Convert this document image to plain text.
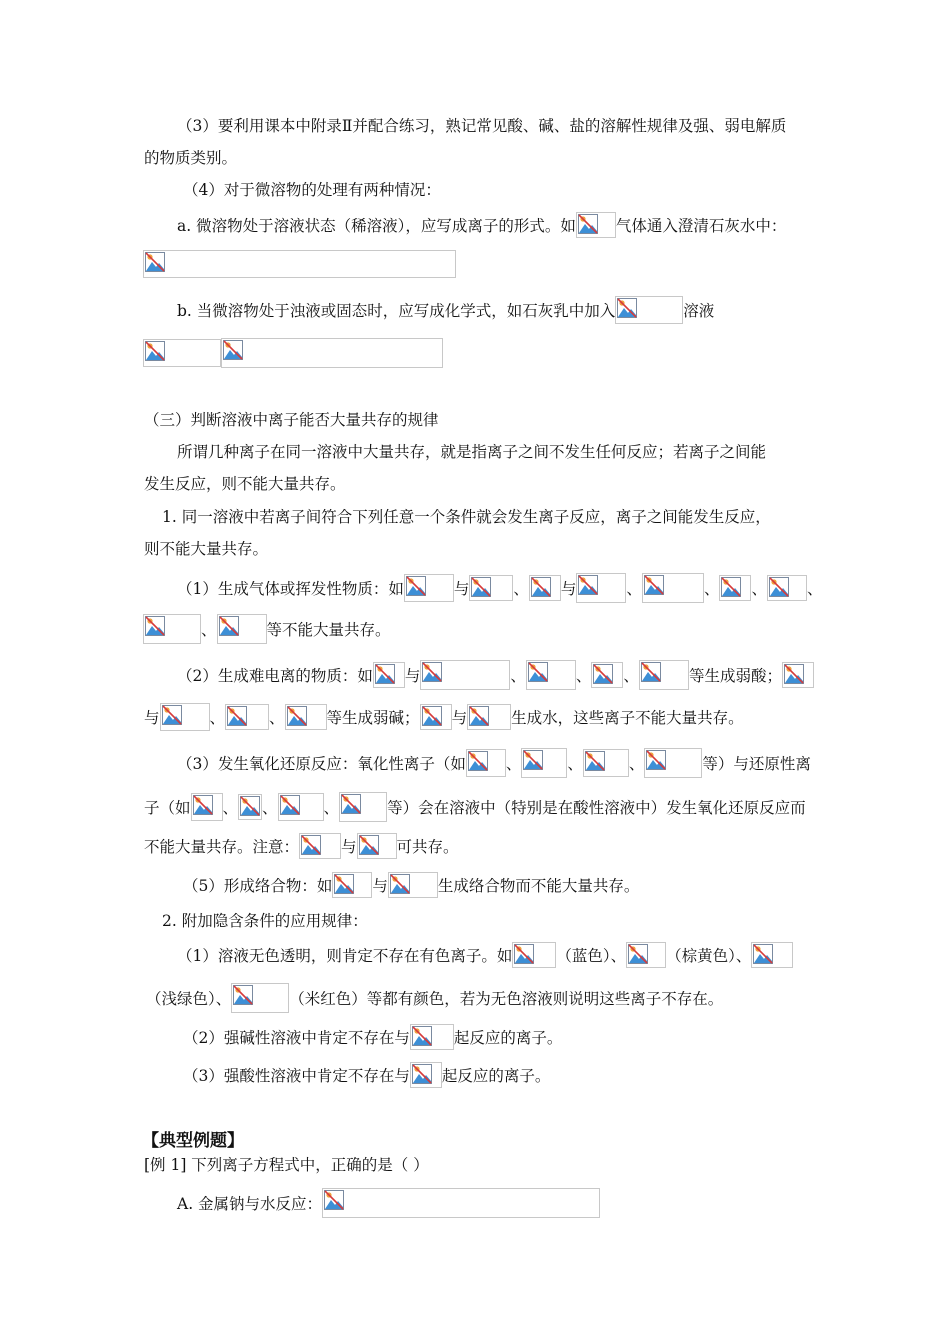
（3）要利用课本中附录Ⅱ并配合练习，熟记常见酸、碱、盐的溶解性规律及强、弱电解质
的物质类别。
（4）对于微溶物的处理有两种情况：
a. 微溶物处于溶液状态（稀溶液），应写成离子的形式。如	气体通入澄清石灰水中：
b. 当微溶物处于浊液或固态时，应写成化学式，如石灰乳中加入	溶液
（三）判断溶液中离子能否大量共存的规律
所谓几种离子在同一溶液中大量共存，就是指离子之间不发生任何反应；若离子之间能
发生反应，则不能大量共存。
1. 同一溶液中若离子间符合下列任意一个条件就会发生离子反应，离子之间能发生反应，
则不能大量共存。
（1）生成气体或挥发性物质：如	与	、 与	、	、 、	、
、	等不能大量共存。
（2）生成难电离的物质：如 与	、	、 、	等生成弱酸；
与	、	、	等生成弱碱； 与	生成水，这些离子不能大量共存。
（3）发生氧化还原反应：氧化性离子（如	、	、	、	等）与还原性离
子（如 、 、	、	等）会在溶液中（特别是在酸性溶液中）发生氧化还原反应而
不能大量共存。注意：	与	可共存。
（5）形成络合物：如	与	生成络合物而不能大量共存。
2. 附加隐含条件的应用规律：
（1）溶液无色透明，则肯定不存在有色离子。如	（蓝色）、	（棕黄色）、
（浅绿色）、	（米红色）等都有颜色，若为无色溶液则说明这些离子不存在。
（2）强碱性溶液中肯定不存在与	起反应的离子。
（3）强酸性溶液中肯定不存在与 起反应的离子。
【典型例题】
[例 1] 下列离子方程式中，正确的是（ ）
A. 金属钠与水反应：
